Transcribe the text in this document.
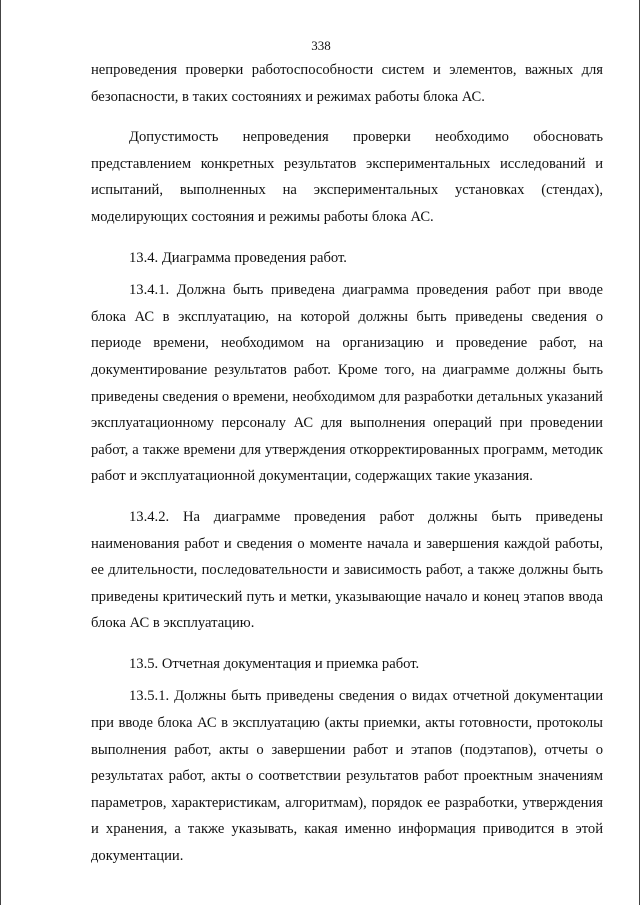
338

непроведения проверки работоспособности систем и элементов, важных для безопасности, в таких состояниях и режимах работы блока АС.

Допустимость непроведения проверки необходимо обосновать представлением конкретных результатов экспериментальных исследований и испытаний, выполненных на экспериментальных установках (стендах), моделирующих состояния и режимы работы блока АС.

13.4. Диаграмма проведения работ.

13.4.1. Должна быть приведена диаграмма проведения работ при вводе блока АС в эксплуатацию, на которой должны быть приведены сведения о периоде времени, необходимом на организацию и проведение работ, на документирование результатов работ. Кроме того, на диаграмме должны быть приведены сведения о времени, необходимом для разработки детальных указаний эксплуатационному персоналу АС для выполнения операций при проведении работ, а также времени для утверждения откорректированных программ, методик работ и эксплуатационной документации, содержащих такие указания.

13.4.2. На диаграмме проведения работ должны быть приведены наименования работ и сведения о моменте начала и завершения каждой работы, ее длительности, последовательности и зависимость работ, а также должны быть приведены критический путь и метки, указывающие начало и конец этапов ввода блока АС в эксплуатацию.

13.5. Отчетная документация и приемка работ.

13.5.1. Должны быть приведены сведения о видах отчетной документации при вводе блока АС в эксплуатацию (акты приемки, акты готовности, протоколы выполнения работ, акты о завершении работ и этапов (подэтапов), отчеты о результатах работ, акты о соответствии результатов работ проектным значениям параметров, характеристикам, алгоритмам), порядок ее разработки, утверждения и хранения, а также указывать, какая именно информация приводится в этой документации.
